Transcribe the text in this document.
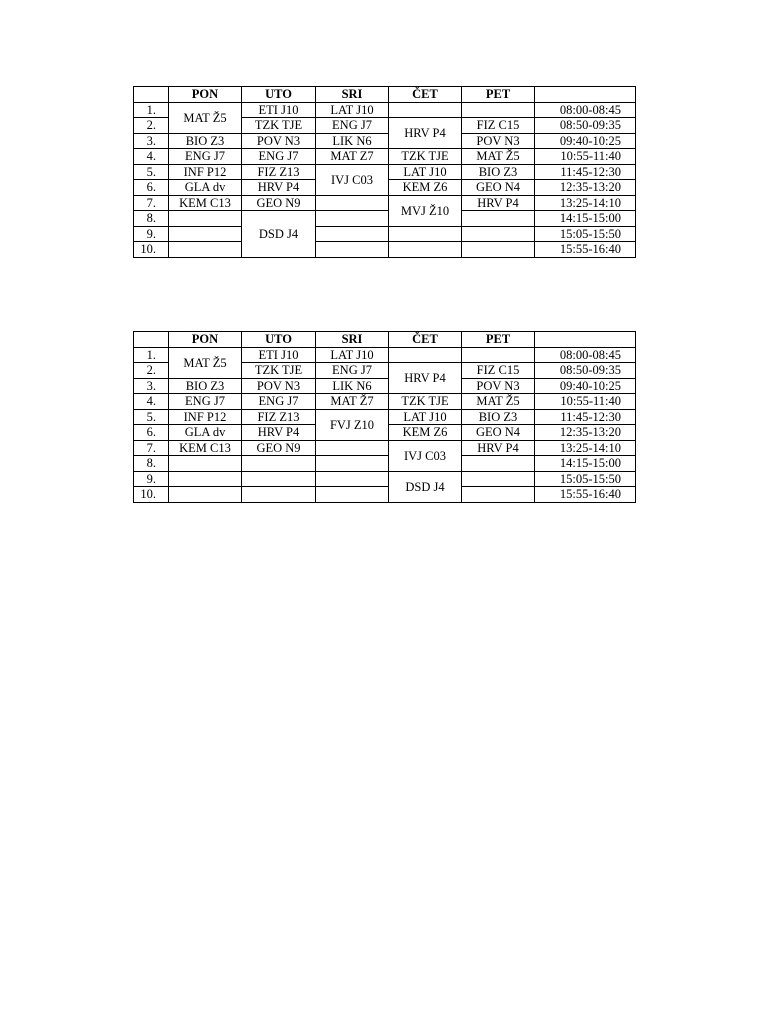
	PON	UTO	SRI	ČET	PET	
1.	MAT Ž5	ETI J10	LAT J10			08:00-08:45
2.		TZK TJE	ENG J7	HRV P4	FIZ C15	08:50-09:35
3.	BIO Z3	POV N3	LIK N6		POV N3	09:40-10:25
4.	ENG J7	ENG J7	MAT Z7	TZK TJE	MAT Ž5	10:55-11:40
5.	INF P12	FIZ Z13	IVJ C03	LAT J10	BIO Z3	11:45-12:30
6.	GLA dv	HRV P4		KEM Z6	GEO N4	12:35-13:20
7.	KEM C13	GEO N9		MVJ Ž10	HRV P4	13:25-14:10
8.		DSD J4				14:15-15:00
9.						15:05-15:50
10.						15:55-16:40
	PON	UTO	SRI	ČET	PET	
1.	MAT Ž5	ETI J10	LAT J10			08:00-08:45
2.		TZK TJE	ENG J7	HRV P4	FIZ C15	08:50-09:35
3.	BIO Z3	POV N3	LIK N6		POV N3	09:40-10:25
4.	ENG J7	ENG J7	MAT Ž7	TZK TJE	MAT Ž5	10:55-11:40
5.	INF P12	FIZ Z13	FVJ Z10	LAT J10	BIO Z3	11:45-12:30
6.	GLA dv	HRV P4		KEM Z6	GEO N4	12:35-13:20
7.	KEM C13	GEO N9		IVJ C03	HRV P4	13:25-14:10
8.						14:15-15:00
9.				DSD J4		15:05-15:50
10.						15:55-16:40
